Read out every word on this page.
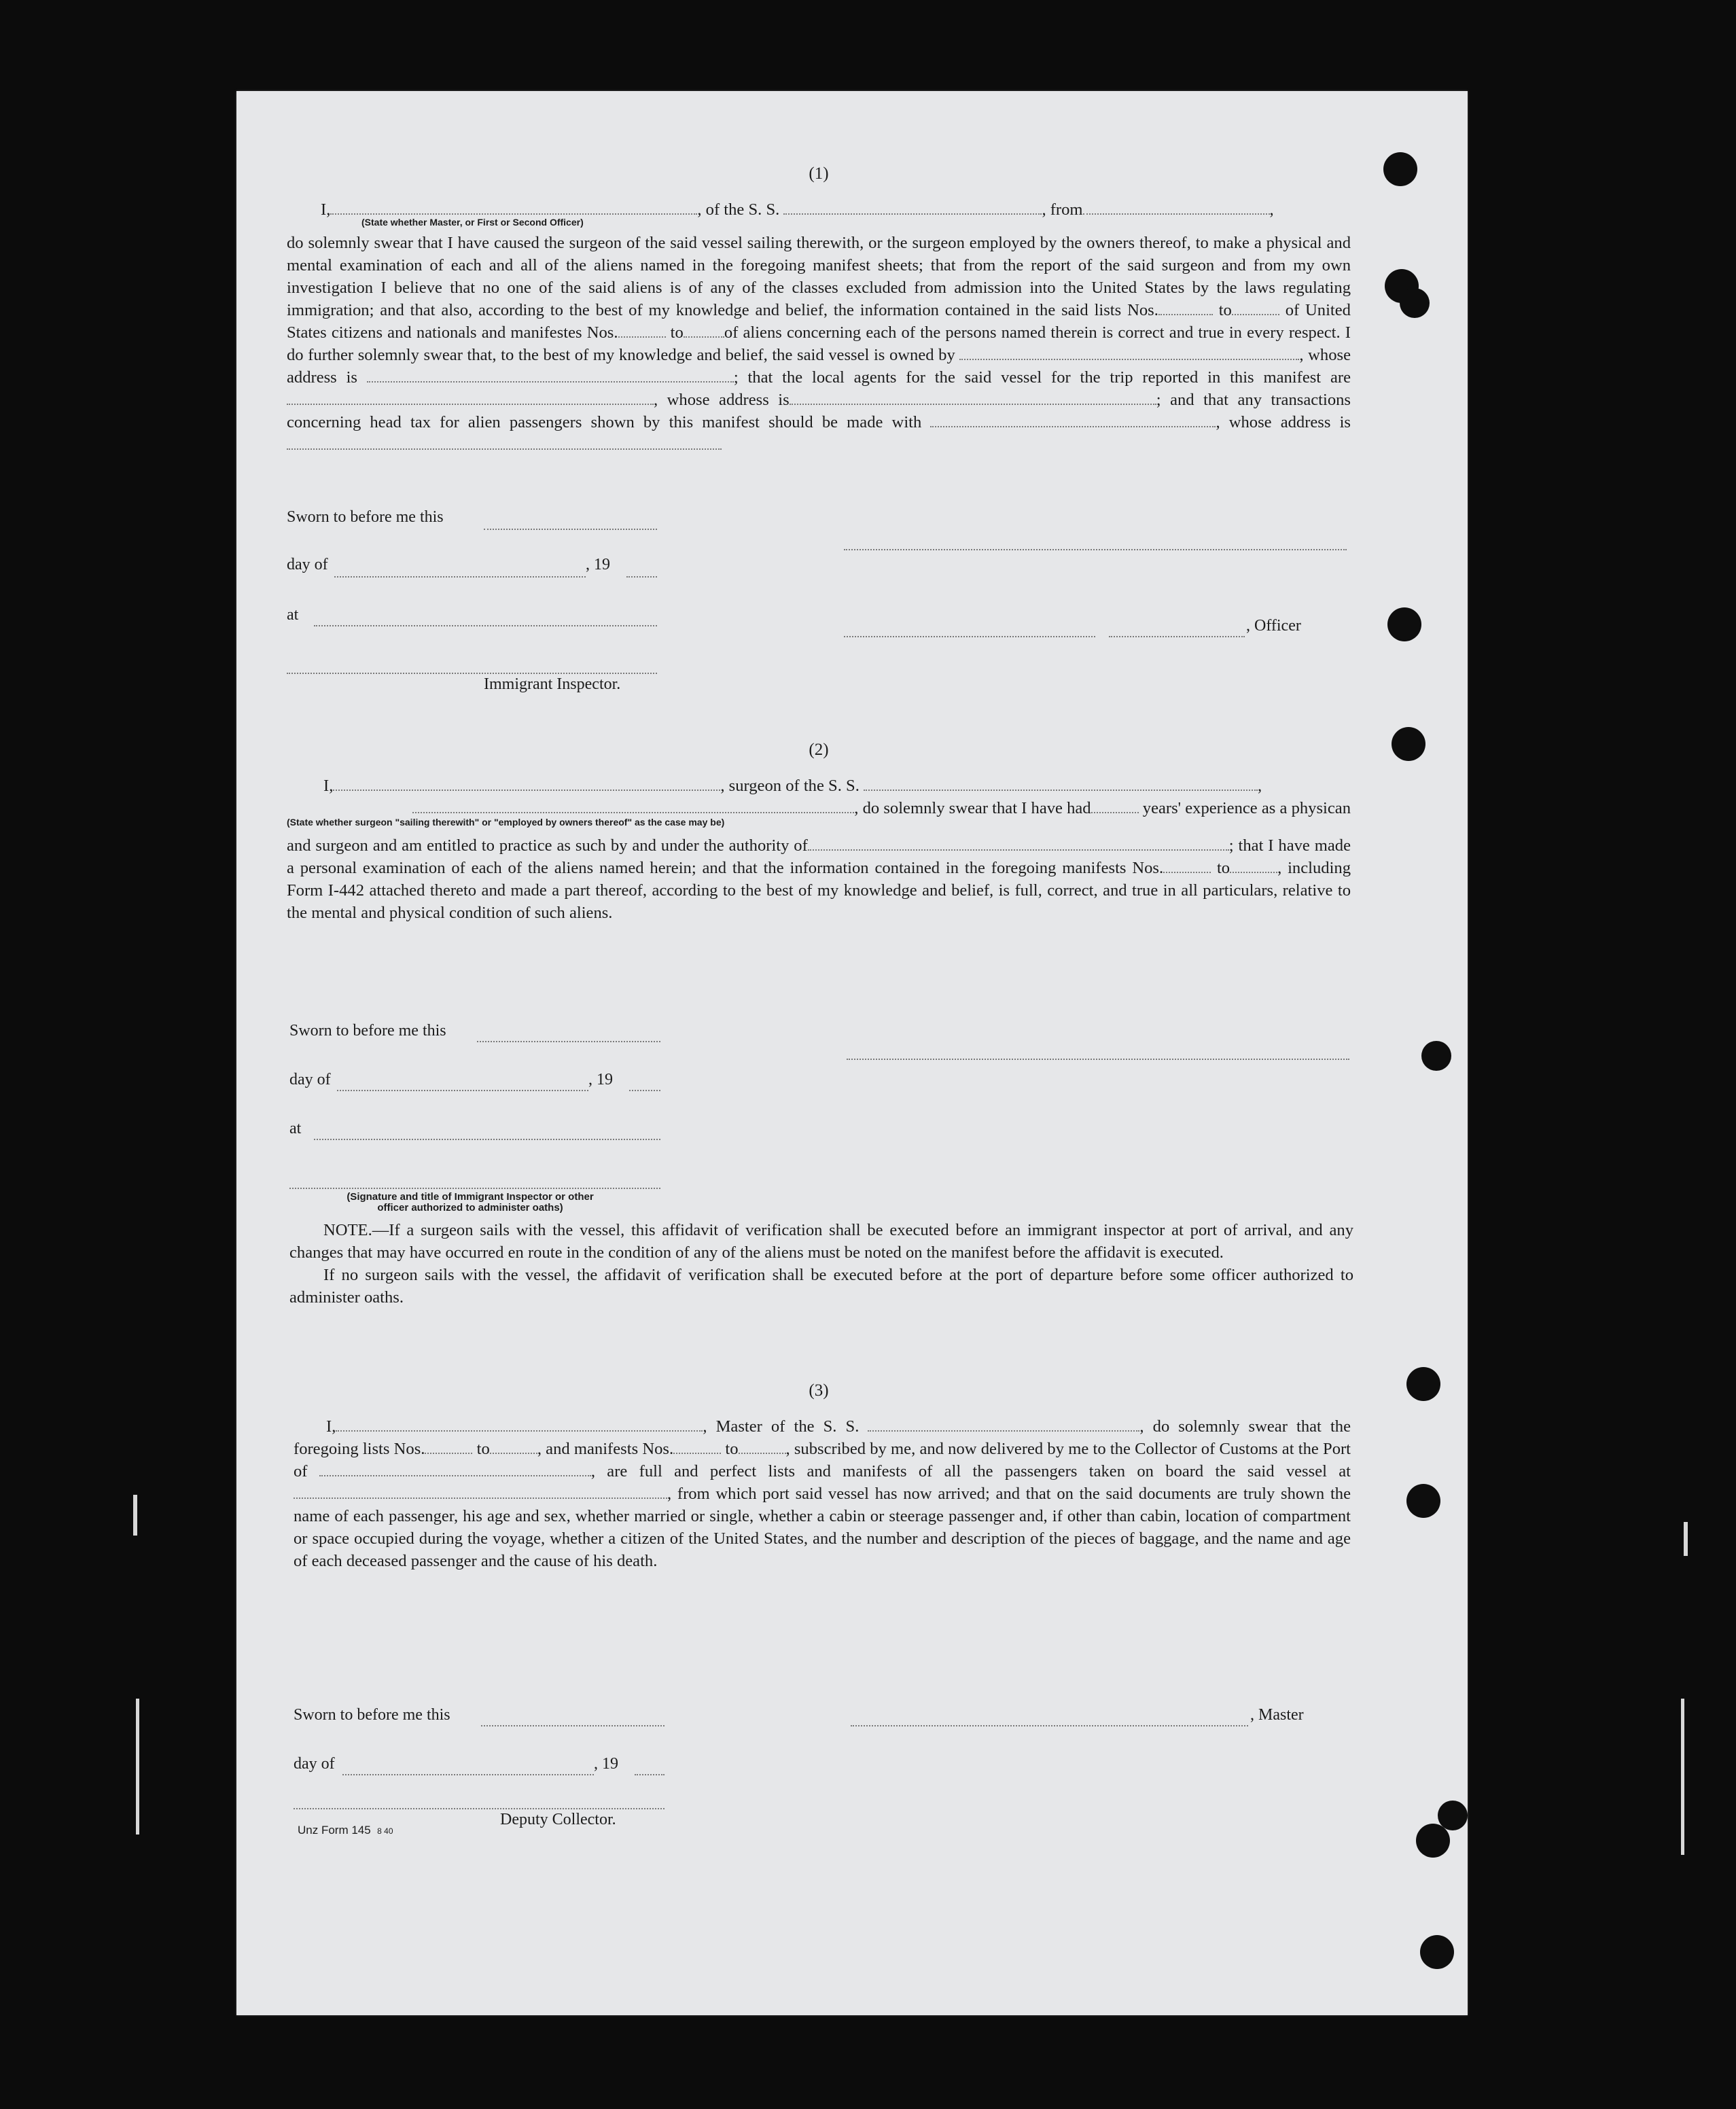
(1)
I,	, of the S. S.	, from	,
(State whether Master, or First or Second Officer)

do solemnly swear that I have caused the surgeon of the said vessel sailing therewith, or the surgeon employed by the owners thereof, to make a physical and mental examination of each and all of the aliens named in the foregoing manifest sheets; that from the report of the said surgeon and from my own investigation I believe that no one of the said aliens is of any of the classes excluded from admission into the United States by the laws regulating immigration; and that also, according to the best of my knowledge and belief, the information contained in the said lists Nos.	to	of United States citizens and nationals and manifestes Nos.	to of aliens concerning each of the persons named therein is correct and true in every respect. I do further solemnly swear that, to the best of my knowledge and belief, the said vessel is owned by	, whose address is	; that the local agents for the said vessel for the trip reported in this manifest are , whose address is	; and that any transactions concerning head tax for alien passengers shown by this manifest should be made with	, whose address is

Sworn to before me this
day of	, 19
at
, Officer
Immigrant Inspector.
(2)
I,	, surgeon of the S. S.	,
, do solemnly swear that I have had	years' experience as a physican
(State whether surgeon "sailing therewith" or "employed by owners thereof" as the case may be)

and surgeon and am entitled to practice as such by and under the authority of	; that I have made a personal examination of each of the aliens named herein; and that the information contained in the foregoing manifests Nos.	to	, including Form I-442 attached thereto and made a part thereof, according to the best of my knowledge and belief, is full, correct, and true in all particulars, relative to the mental and physical condition of such aliens.

Sworn to before me this
day of	, 19
at
(Signature and title of Immigrant Inspector or other officer authorized to administer oaths)

NOTE.—If a surgeon sails with the vessel, this affidavit of verification shall be executed before an immigrant inspector at port of arrival, and any changes that may have occurred en route in the condition of any of the aliens must be noted on the manifest before the affidavit is executed.

If no surgeon sails with the vessel, the affidavit of verification shall be executed before at the port of departure before some officer authorized to administer oaths.

(3)

I,	, Master of the S. S.	, do solemnly swear that the foregoing lists Nos.	to	, and manifests Nos.	to	, subscribed by me, and now delivered by me to the Collector of Customs at the Port of	, are full and perfect lists and manifests of all the passengers taken on board the said vessel at , from which port said vessel has now arrived; and that on the said documents are truly shown the name of each passenger, his age and sex, whether married or single, whether a cabin or steerage passenger and, if other than cabin, location of compartment or space occupied during the voyage, whether a citizen of the United States, and the number and description of the pieces of baggage, and the name and age of each deceased passenger and the cause of his death.

Sworn to before me this	, Master
day of	, 19
Deputy Collector.
Unz Form 145 8 40
